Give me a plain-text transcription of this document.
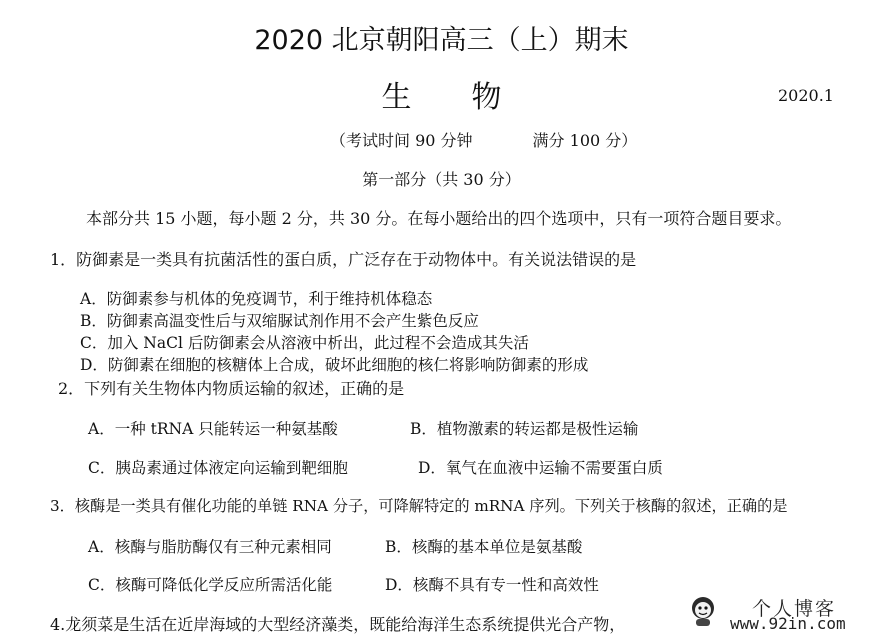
2020 北京朝阳高三（上）期末
生物	2020.1
（考试时间 90 分钟	满分 100 分）
第一部分（共 30 分）
本部分共 15 小题，每小题 2 分，共 30 分。在每小题给出的四个选项中，只有一项符合题目要求。
1．防御素是一类具有抗菌活性的蛋白质，广泛存在于动物体中。有关说法错误的是
A．防御素参与机体的免疫调节，利于维持机体稳态
B．防御素高温变性后与双缩脲试剂作用不会产生紫色反应
C．加入 NaCl 后防御素会从溶液中析出，此过程不会造成其失活
D．防御素在细胞的核糖体上合成，破坏此细胞的核仁将影响防御素的形成
2．下列有关生物体内物质运输的叙述，正确的是
A．一种 tRNA 只能转运一种氨基酸	B．植物激素的转运都是极性运输
C．胰岛素通过体液定向运输到靶细胞	D．氧气在血液中运输不需要蛋白质
3．核酶是一类具有催化功能的单链 RNA 分子，可降解特定的 mRNA 序列。下列关于核酶的叙述，正确的是
A．核酶与脂肪酶仅有三种元素相同	B．核酶的基本单位是氨基酸
C．核酶可降低化学反应所需活化能	D．核酶不具有专一性和高效性
4.龙须菜是生活在近岸海域的大型经济藻类，既能给海洋生态系统提供光合产物，
个人博客
www.92in.com
